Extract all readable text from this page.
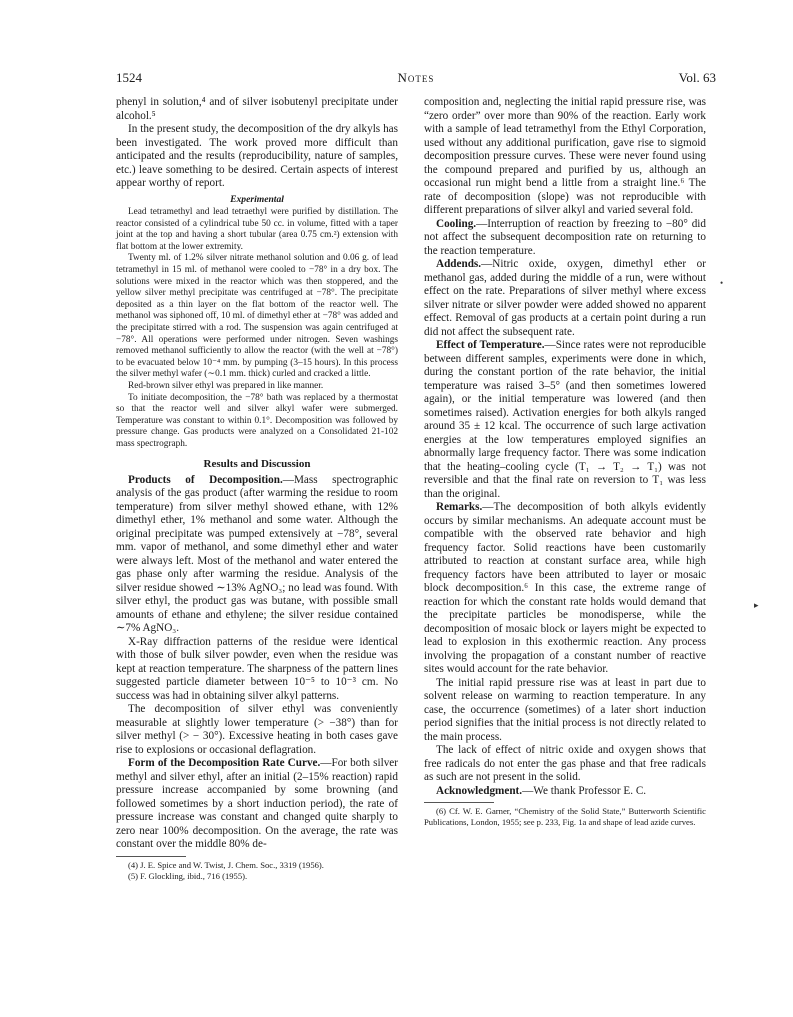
1524	Notes	Vol. 63

phenyl in solution,⁴ and of silver isobutenyl precipitate under alcohol.⁵

In the present study, the decomposition of the dry alkyls has been investigated. The work proved more difficult than anticipated and the results (reproducibility, nature of samples, etc.) leave something to be desired. Certain aspects of interest appear worthy of report.

Experimental

Lead tetramethyl and lead tetraethyl were purified by distillation. The reactor consisted of a cylindrical tube 50 cc. in volume, fitted with a taper joint at the top and having a short tubular (area 0.75 cm.²) extension with flat bottom at the lower extremity.

Twenty ml. of 1.2% silver nitrate methanol solution and 0.06 g. of lead tetramethyl in 15 ml. of methanol were cooled to −78° in a dry box. The solutions were mixed in the reactor which was then stoppered, and the yellow silver methyl precipitate was centrifuged at −78°. The precipitate deposited as a thin layer on the flat bottom of the reactor well. The methanol was siphoned off, 10 ml. of dimethyl ether at −78° was added and the precipitate stirred with a rod. The suspension was again centrifuged at −78°. All operations were performed under nitrogen. Seven washings removed methanol sufficiently to allow the reactor (with the well at −78°) to be evacuated below 10⁻⁴ mm. by pumping (3–15 hours). In this process the silver methyl wafer (∼0.1 mm. thick) curled and cracked a little.

Red-brown silver ethyl was prepared in like manner.

To initiate decomposition, the −78° bath was replaced by a thermostat so that the reactor well and silver alkyl wafer were submerged. Temperature was constant to within 0.1°. Decomposition was followed by pressure change. Gas products were analyzed on a Consolidated 21-102 mass spectrograph.

Results and Discussion

Products of Decomposition.—Mass spectrographic analysis of the gas product (after warming the residue to room temperature) from silver methyl showed ethane, with 12% dimethyl ether, 1% methanol and some water. Although the original precipitate was pumped extensively at −78°, several mm. vapor of methanol, and some dimethyl ether and water were always left. Most of the methanol and water entered the gas phase only after warming the residue. Analysis of the silver residue showed ∼13% AgNO₃; no lead was found. With silver ethyl, the product gas was butane, with possible small amounts of ethane and ethylene; the silver residue contained ∼7% AgNO₃.

X-Ray diffraction patterns of the residue were identical with those of bulk silver powder, even when the residue was kept at reaction temperature. The sharpness of the pattern lines suggested particle diameter between 10⁻⁵ to 10⁻³ cm. No success was had in obtaining silver alkyl patterns.

The decomposition of silver ethyl was conveniently measurable at slightly lower temperature (> −38°) than for silver methyl (> − 30°). Excessive heating in both cases gave rise to explosions or occasional deflagration.

Form of the Decomposition Rate Curve.—For both silver methyl and silver ethyl, after an initial (2–15% reaction) rapid pressure increase accompanied by some browning (and followed sometimes by a short induction period), the rate of pressure increase was constant and changed quite sharply to zero near 100% decomposition. On the average, the rate was constant over the middle 80% de-

(4) J. E. Spice and W. Twist, J. Chem. Soc., 3319 (1956).

(5) F. Glockling, ibid., 716 (1955).

composition and, neglecting the initial rapid pressure rise, was “zero order” over more than 90% of the reaction. Early work with a sample of lead tetramethyl from the Ethyl Corporation, used without any additional purification, gave rise to sigmoid decomposition pressure curves. These were never found using the compound prepared and purified by us, although an occasional run might bend a little from a straight line.⁶ The rate of decomposition (slope) was not reproducible with different preparations of silver alkyl and varied several fold.

Cooling.—Interruption of reaction by freezing to −80° did not affect the subsequent decomposition rate on returning to the reaction temperature.

Addends.—Nitric oxide, oxygen, dimethyl ether or methanol gas, added during the middle of a run, were without effect on the rate. Preparations of silver methyl where excess silver nitrate or silver powder were added showed no apparent effect. Removal of gas products at a certain point during a run did not affect the subsequent rate.

Effect of Temperature.—Since rates were not reproducible between different samples, experiments were done in which, during the constant portion of the rate behavior, the initial temperature was raised 3–5° (and then sometimes lowered again), or the initial temperature was lowered (and then sometimes raised). Activation energies for both alkyls ranged around 35 ± 12 kcal. The occurrence of such large activation energies at the low temperatures employed signifies an abnormally large frequency factor. There was some indication that the heating–cooling cycle (T₁ → T₂ → T₁) was not reversible and that the final rate on reversion to T₁ was less than the original.

Remarks.—The decomposition of both alkyls evidently occurs by similar mechanisms. An adequate account must be compatible with the observed rate behavior and high frequency factor. Solid reactions have been customarily attributed to reaction at constant surface area, while high frequency factors have been attributed to layer or mosaic block decomposition.⁶ In this case, the extreme range of reaction for which the constant rate holds would demand that the precipitate particles be monodisperse, while the decomposition of mosaic block or layers might be expected to lead to explosion in this exothermic reaction. Any process involving the propagation of a constant number of reactive sites would account for the rate behavior.

The initial rapid pressure rise was at least in part due to solvent release on warming to reaction temperature. In any case, the occurrence (sometimes) of a later short induction period signifies that the initial process is not directly related to the main process.

The lack of effect of nitric oxide and oxygen shows that free radicals do not enter the gas phase and that free radicals as such are not present in the solid.

Acknowledgment.—We thank Professor E. C.

(6) Cf. W. E. Garner, “Chemistry of the Solid State,” Butterworth Scientific Publications, London, 1955; see p. 233, Fig. 1a and shape of lead azide curves.

•
▸
